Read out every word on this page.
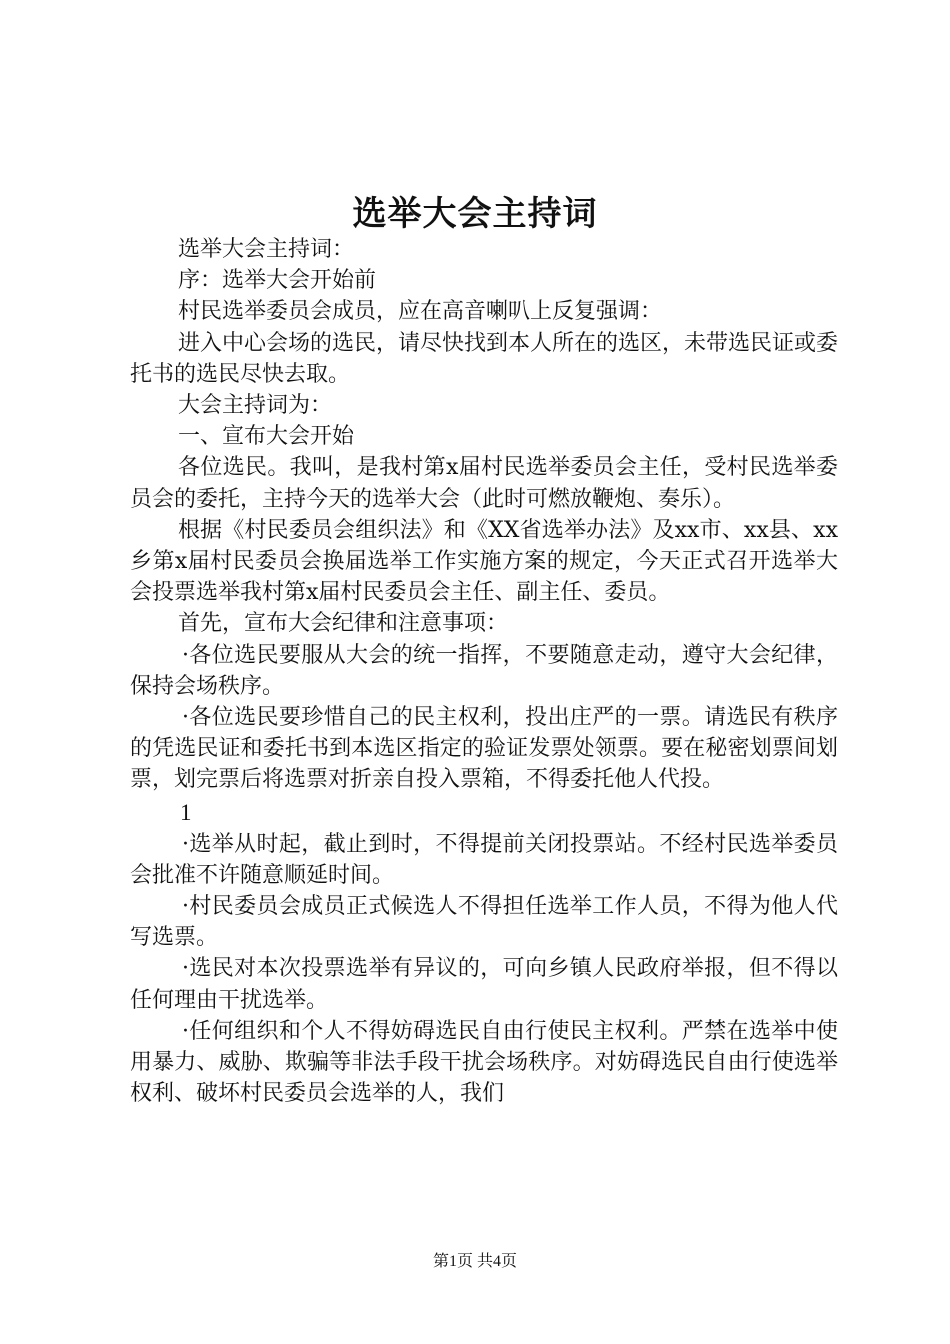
选举大会主持词

选举大会主持词：

序：选举大会开始前

村民选举委员会成员，应在高音喇叭上反复强调：

进入中心会场的选民，请尽快找到本人所在的选区，未带选民证或委托书的选民尽快去取。

大会主持词为：

一、宣布大会开始

各位选民。我叫，是我村第x届村民选举委员会主任，受村民选举委员会的委托，主持今天的选举大会（此时可燃放鞭炮、奏乐）。

根据《村民委员会组织法》和《XX省选举办法》及xx市、xx县、xx乡第x届村民委员会换届选举工作实施方案的规定，今天正式召开选举大会投票选举我村第x届村民委员会主任、副主任、委员。

首先，宣布大会纪律和注意事项：

·各位选民要服从大会的统一指挥，不要随意走动，遵守大会纪律，保持会场秩序。

·各位选民要珍惜自己的民主权利，投出庄严的一票。请选民有秩序的凭选民证和委托书到本选区指定的验证发票处领票。要在秘密划票间划票，划完票后将选票对折亲自投入票箱，不得委托他人代投。

1

·选举从时起，截止到时，不得提前关闭投票站。不经村民选举委员会批准不许随意顺延时间。

·村民委员会成员正式候选人不得担任选举工作人员，不得为他人代写选票。

·选民对本次投票选举有异议的，可向乡镇人民政府举报，但不得以任何理由干扰选举。

·任何组织和个人不得妨碍选民自由行使民主权利。严禁在选举中使用暴力、威胁、欺骗等非法手段干扰会场秩序。对妨碍选民自由行使选举权利、破坏村民委员会选举的人，我们

第1页 共4页
